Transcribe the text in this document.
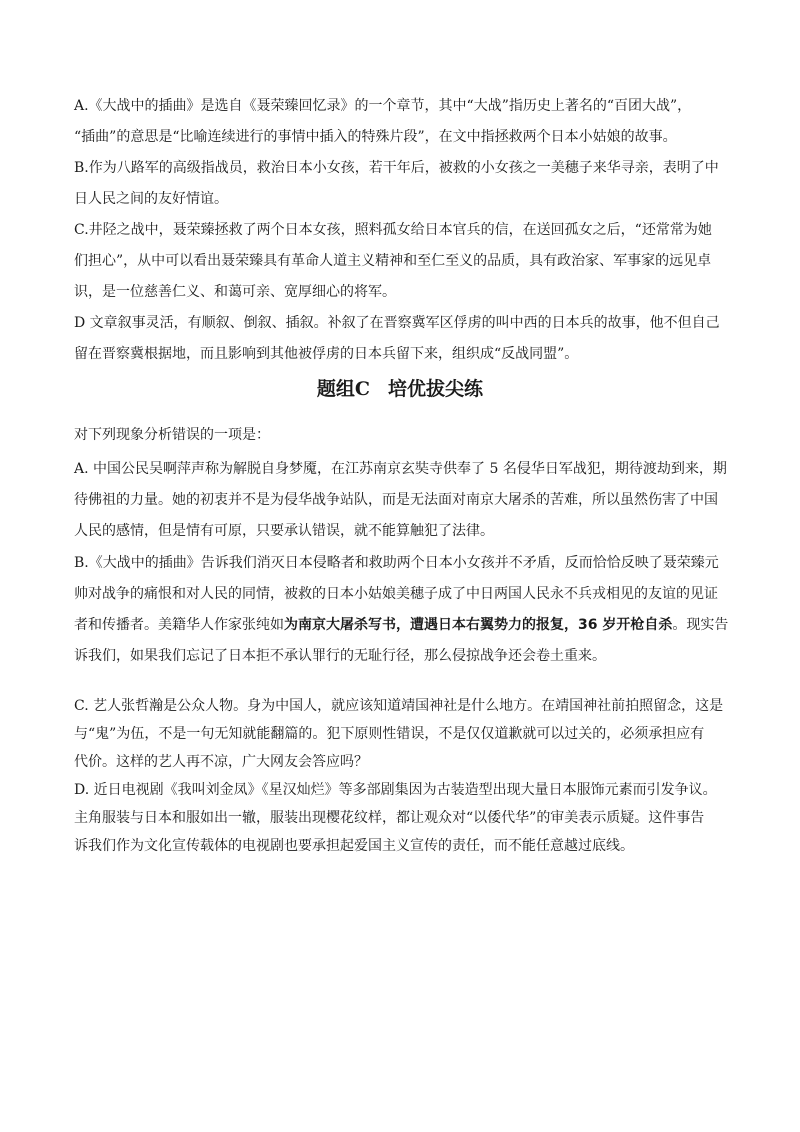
A.《大战中的插曲》是选自《聂荣臻回忆录》的一个章节，其中“大战”指历史上著名的“百团大战”，
“插曲”的意思是“比喻连续进行的事情中插入的特殊片段”，在文中指拯救两个日本小姑娘的故事。
B.作为八路军的高级指战员，救治日本小女孩，若干年后，被救的小女孩之一美穗子来华寻亲，表明了中
日人民之间的友好情谊。
C.井陉之战中，聂荣臻拯救了两个日本女孩，照料孤女给日本官兵的信，在送回孤女之后，“还常常为她
们担心”，从中可以看出聂荣臻具有革命人道主义精神和至仁至义的品质，具有政治家、军事家的远见卓
识，是一位慈善仁义、和蔼可亲、宽厚细心的将军。
D 文章叙事灵活，有顺叙、倒叙、插叙。补叙了在晋察冀军区俘虏的叫中西的日本兵的故事，他不但自己
留在晋察冀根据地，而且影响到其他被俘虏的日本兵留下来，组织成“反战同盟”。
题组C 培优拔尖练
对下列现象分析错误的一项是：
A. 中国公民吴啊萍声称为解脱自身梦魇，在江苏南京玄奘寺供奉了 5 名侵华日军战犯，期待渡劫到来，期
待佛祖的力量。她的初衷并不是为侵华战争站队，而是无法面对南京大屠杀的苦难，所以虽然伤害了中国
人民的感情，但是情有可原，只要承认错误，就不能算触犯了法律。
B.《大战中的插曲》告诉我们消灭日本侵略者和救助两个日本小女孩并不矛盾，反而恰恰反映了聂荣臻元
帅对战争的痛恨和对人民的同情，被救的日本小姑娘美穗子成了中日两国人民永不兵戎相见的友谊的见证
者和传播者。美籍华人作家张纯如为南京大屠杀写书，遭遇日本右翼势力的报复，36 岁开枪自杀。现实告
诉我们，如果我们忘记了日本拒不承认罪行的无耻行径，那么侵掠战争还会卷土重来。
C. 艺人张哲瀚是公众人物。身为中国人，就应该知道靖国神社是什么地方。在靖国神社前拍照留念，这是
与“鬼”为伍，不是一句无知就能翻篇的。犯下原则性错误，不是仅仅道歉就可以过关的，必须承担应有
代价。这样的艺人再不凉，广大网友会答应吗？
D. 近日电视剧《我叫刘金凤》《星汉灿烂》等多部剧集因为古装造型出现大量日本服饰元素而引发争议。
主角服装与日本和服如出一辙，服装出现樱花纹样，都让观众对“以倭代华”的审美表示质疑。这件事告
诉我们作为文化宣传载体的电视剧也要承担起爱国主义宣传的责任，而不能任意越过底线。
